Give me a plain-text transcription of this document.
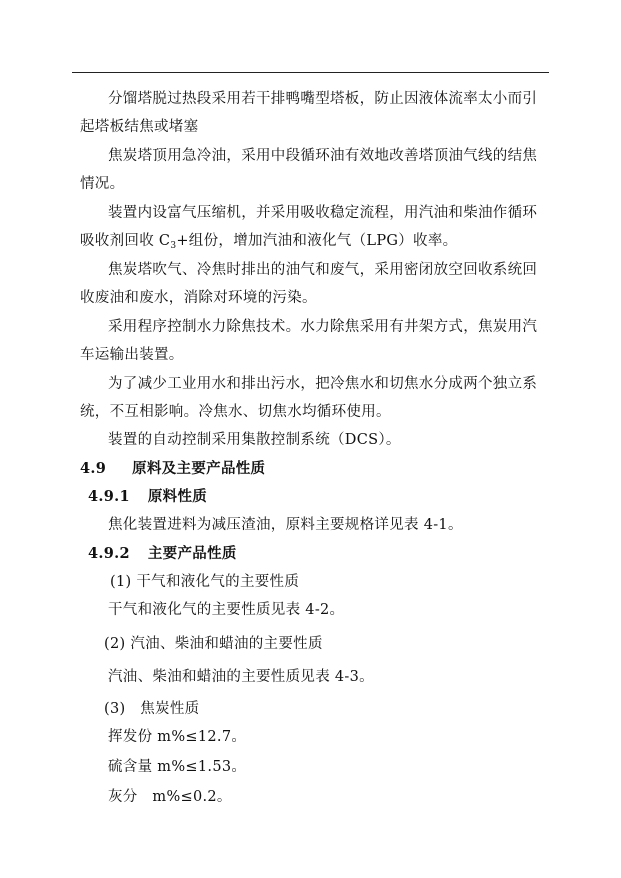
分馏塔脱过热段采用若干排鸭嘴型塔板，防止因液体流率太小而引
起塔板结焦或堵塞
焦炭塔顶用急冷油，采用中段循环油有效地改善塔顶油气线的结焦
情况。
装置内设富气压缩机，并采用吸收稳定流程，用汽油和柴油作循环
吸收剂回收 $C_3+$组份，增加汽油和液化气（LPG）收率。
焦炭塔吹气、冷焦时排出的油气和废气，采用密闭放空回收系统回
收废油和废水，消除对环境的污染。
采用程序控制水力除焦技术。水力除焦采用有井架方式，焦炭用汽
车运输出装置。
为了减少工业用水和排出污水，把冷焦水和切焦水分成两个独立系
统，不互相影响。冷焦水、切焦水均循环使用。
装置的自动控制采用集散控制系统（DCS）。
4.9 原料及主要产品性质
4.9.1 原料性质
焦化装置进料为减压渣油，原料主要规格详见表 4-1。
4.9.2 主要产品性质
(1) 干气和液化气的主要性质
干气和液化气的主要性质见表 4-2。
(2) 汽油、柴油和蜡油的主要性质
汽油、柴油和蜡油的主要性质见表 4-3。
(3)　焦炭性质
挥发份 m%≤12.7。
硫含量 m%≤1.53。
灰分　m%≤0.2。
